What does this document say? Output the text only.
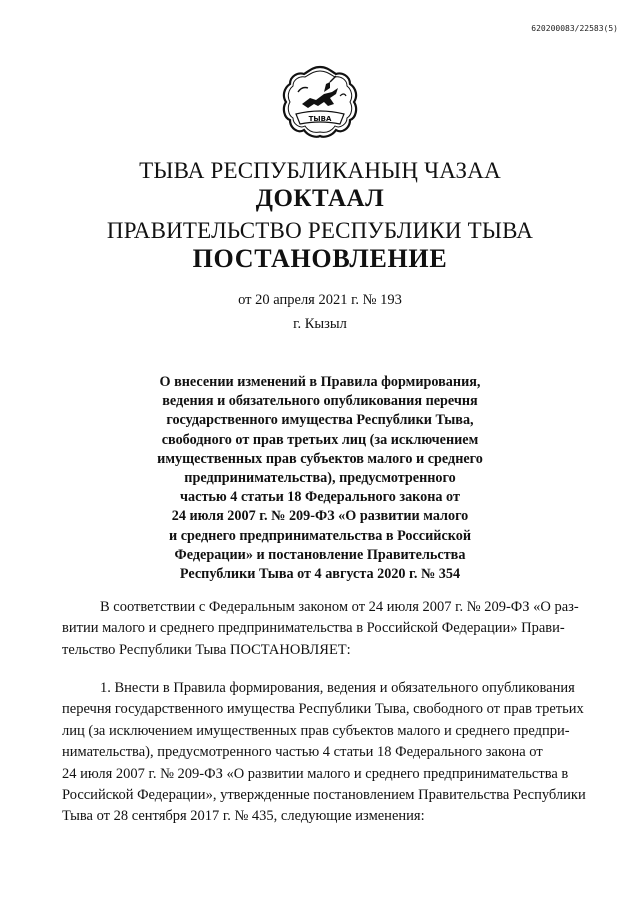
620200083/22583(5)
ТЫВА
ТЫВА РЕСПУБЛИКАНЫҢ ЧАЗАА
ДОКТААЛ
ПРАВИТЕЛЬСТВО РЕСПУБЛИКИ ТЫВА
ПОСТАНОВЛЕНИЕ
от 20 апреля 2021 г. № 193
г. Кызыл
О внесении изменений в Правила формирования,
ведения и обязательного опубликования перечня
государственного имущества Республики Тыва,
свободного от прав третьих лиц (за исключением
имущественных прав субъектов малого и среднего
предпринимательства), предусмотренного
частью 4 статьи 18 Федерального закона от
24 июля 2007 г. № 209-ФЗ «О развитии малого
и среднего предпринимательства в Российской
Федерации» и постановление Правительства
Республики Тыва от 4 августа 2020 г. № 354
В соответствии с Федеральным законом от 24 июля 2007 г. № 209-ФЗ «О раз-
витии малого и среднего предпринимательства в Российской Федерации» Прави-
тельство Республики Тыва ПОСТАНОВЛЯЕТ:
1. Внести в Правила формирования, ведения и обязательного опубликования
перечня государственного имущества Республики Тыва, свободного от прав третьих
лиц (за исключением имущественных прав субъектов малого и среднего предпри-
нимательства), предусмотренного частью 4 статьи 18 Федерального закона от
24 июля 2007 г. № 209-ФЗ «О развитии малого и среднего предпринимательства в
Российской Федерации», утвержденные постановлением Правительства Республики
Тыва от 28 сентября 2017 г. № 435, следующие изменения:
